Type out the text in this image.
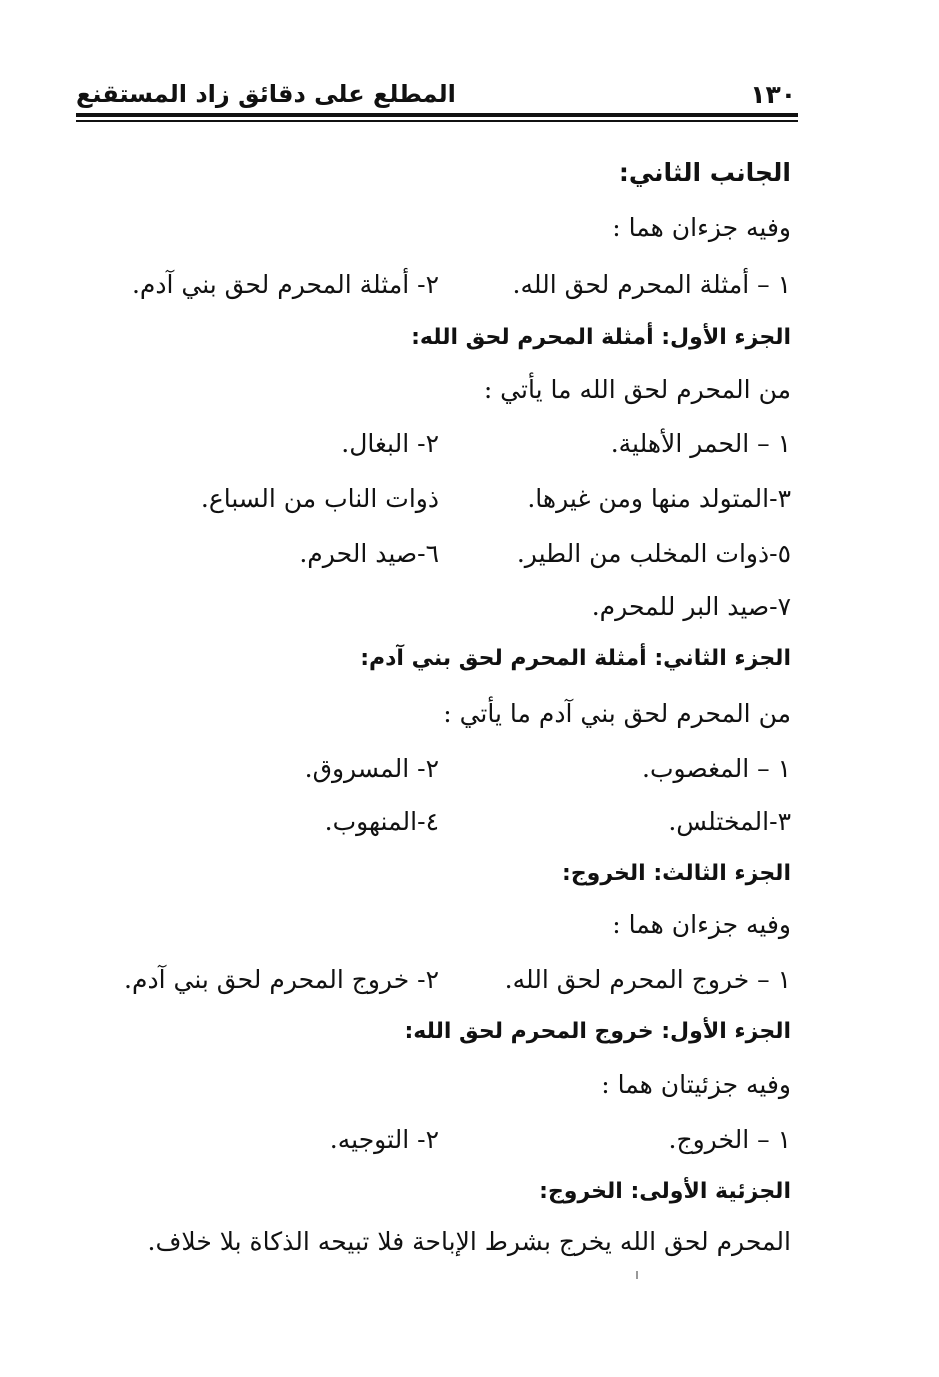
١٣٠
المطلع على دقائق زاد المستقنع
الجانب الثاني:
وفيه جزءان هما :
١ – أمثلة المحرم لحق الله.
٢- أمثلة المحرم لحق بني آدم.
الجزء الأول: أمثلة المحرم لحق الله:
من المحرم لحق الله ما يأتي :
١ – الحمر الأهلية.
٢- البغال.
٣-المتولد منها ومن غيرها.
ذوات الناب من السباع.
٥-ذوات المخلب من الطير.
٦-صيد الحرم.
٧-صيد البر للمحرم.
الجزء الثاني: أمثلة المحرم لحق بني آدم:
من المحرم لحق بني آدم ما يأتي :
١ – المغصوب.
٢- المسروق.
٣-المختلس.
٤-المنهوب.
الجزء الثالث: الخروج:
وفيه جزءان هما :
١ – خروج المحرم لحق الله.
٢- خروج المحرم لحق بني آدم.
الجزء الأول: خروج المحرم لحق الله:
وفيه جزئيتان هما :
١ – الخروج.
٢- التوجيه.
الجزئية الأولى: الخروج:
المحرم لحق الله يخرج بشرط الإباحة فلا تبيحه الذكاة بلا خلاف.
